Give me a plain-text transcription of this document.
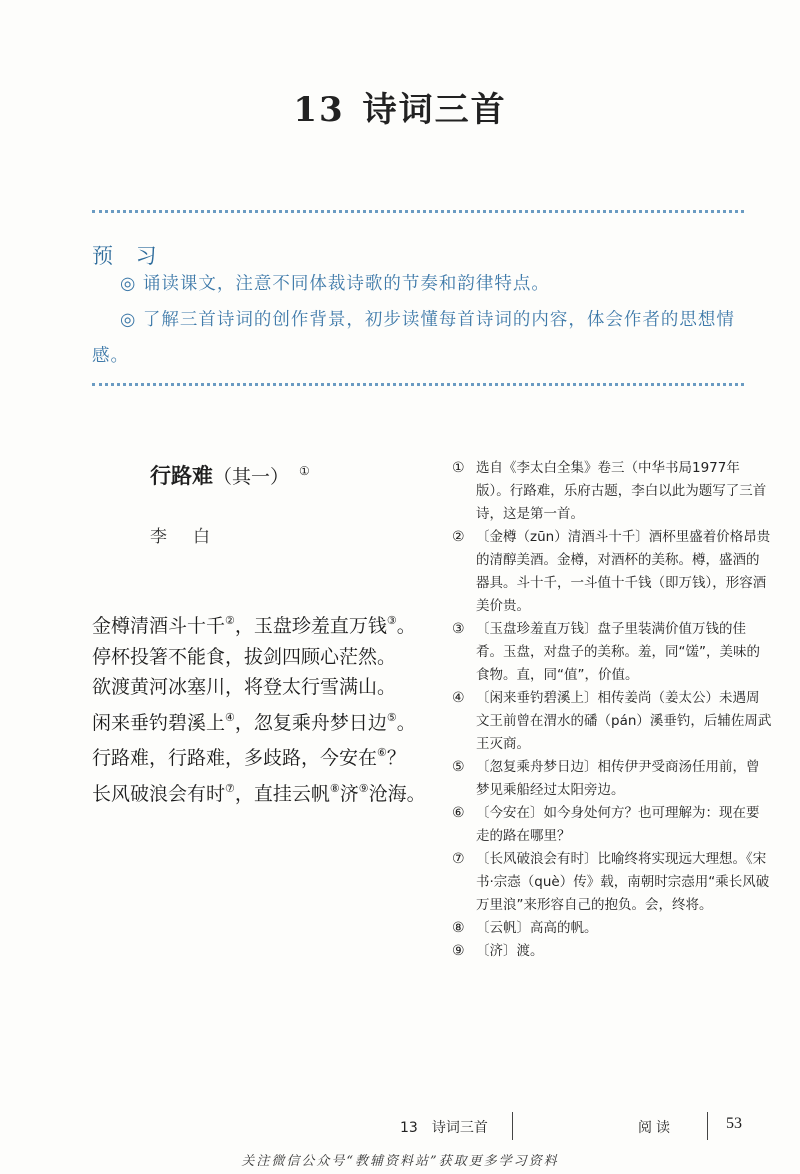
13 诗词三首
预 习
◎ 诵读课文，注意不同体裁诗歌的节奏和韵律特点。
◎ 了解三首诗词的创作背景，初步读懂每首诗词的内容，体会作者的思想情感。
行路难（其一） ①
李白
金樽清酒斗十千②，玉盘珍羞直万钱③。
停杯投箸不能食，拔剑四顾心茫然。
欲渡黄河冰塞川，将登太行雪满山。
闲来垂钓碧溪上④，忽复乘舟梦日边⑤。
行路难，行路难，多歧路，今安在⑥？
长风破浪会有时⑦，直挂云帆⑧济⑨沧海。
① 选自《李太白全集》卷三（中华书局1977年版）。行路难，乐府古题，李白以此为题写了三首诗，这是第一首。
② 〔金樽（zūn）清酒斗十千〕酒杯里盛着价格昂贵的清醇美酒。金樽，对酒杯的美称。樽，盛酒的器具。斗十千，一斗值十千钱（即万钱），形容酒美价贵。
③ 〔玉盘珍羞直万钱〕盘子里装满价值万钱的佳肴。玉盘，对盘子的美称。羞，同“馐”，美味的食物。直，同“值”，价值。
④ 〔闲来垂钓碧溪上〕相传姜尚（姜太公）未遇周文王前曾在渭水的磻（pán）溪垂钓，后辅佐周武王灭商。
⑤ 〔忽复乘舟梦日边〕相传伊尹受商汤任用前，曾梦见乘船经过太阳旁边。
⑥ 〔今安在〕如今身处何方？也可理解为：现在要走的路在哪里？
⑦ 〔长风破浪会有时〕比喻终将实现远大理想。《宋书·宗悫（què）传》载，南朝时宗悫用“乘长风破万里浪”来形容自己的抱负。会，终将。
⑧ 〔云帆〕高高的帆。
⑨ 〔济〕渡。
13　诗词三首	阅读	53
关注微信公众号“教辅资料站”获取更多学习资料
